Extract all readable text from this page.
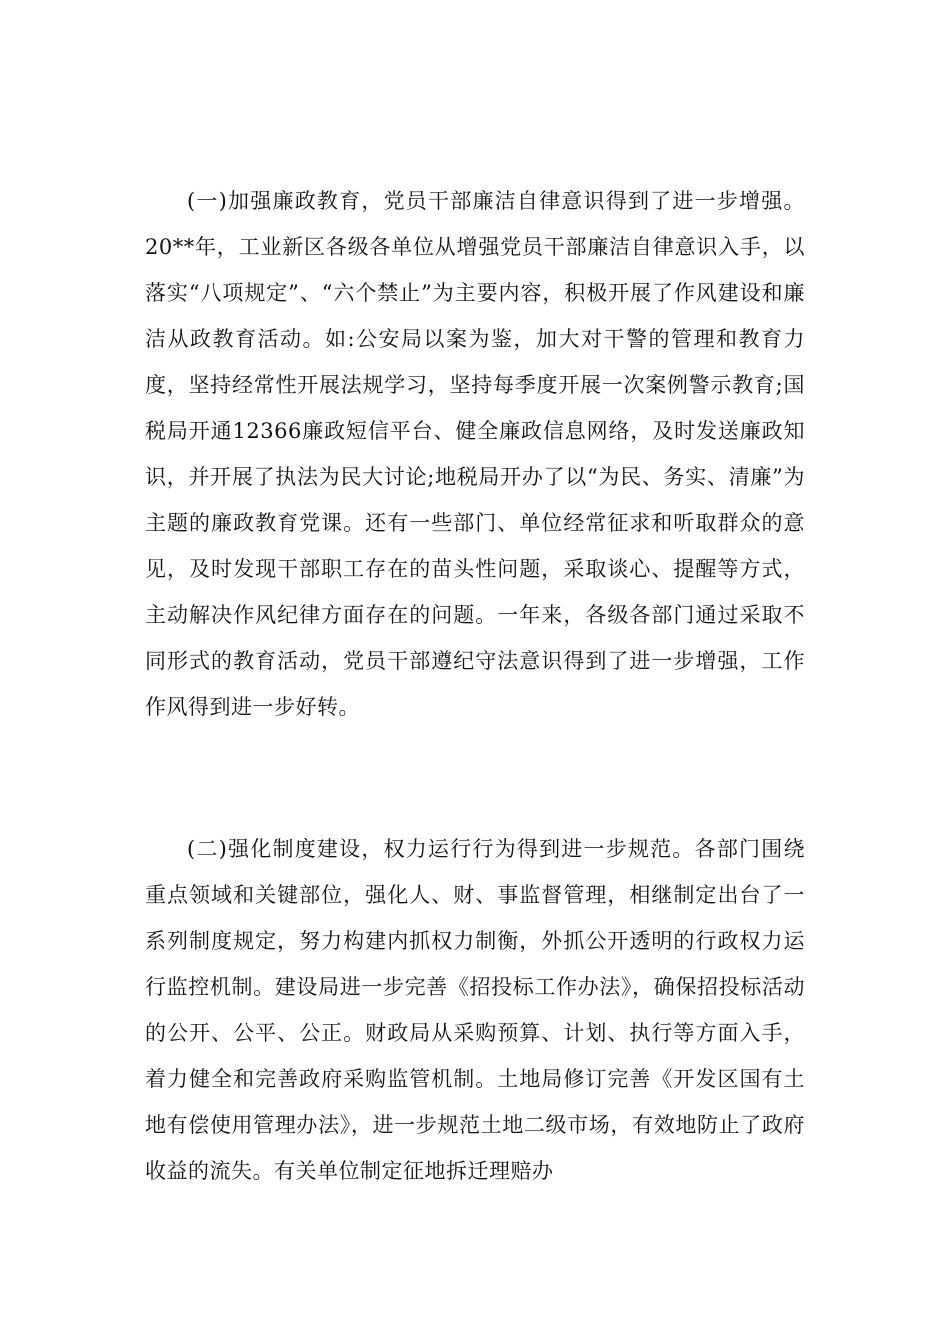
(一)加强廉政教育，党员干部廉洁自律意识得到了进一步增强。20**年，工业新区各级各单位从增强党员干部廉洁自律意识入手，以落实“八项规定”、“六个禁止”为主要内容，积极开展了作风建设和廉洁从政教育活动。如:公安局以案为鉴，加大对干警的管理和教育力度，坚持经常性开展法规学习，坚持每季度开展一次案例警示教育;国税局开通12366廉政短信平台、健全廉政信息网络，及时发送廉政知识，并开展了执法为民大讨论;地税局开办了以“为民、务实、清廉”为主题的廉政教育党课。还有一些部门、单位经常征求和听取群众的意见，及时发现干部职工存在的苗头性问题，采取谈心、提醒等方式，主动解决作风纪律方面存在的问题。一年来，各级各部门通过采取不同形式的教育活动，党员干部遵纪守法意识得到了进一步增强，工作作风得到进一步好转。

(二)强化制度建设，权力运行行为得到进一步规范。各部门围绕重点领域和关键部位，强化人、财、事监督管理，相继制定出台了一系列制度规定，努力构建内抓权力制衡，外抓公开透明的行政权力运行监控机制。建设局进一步完善《招投标工作办法》，确保招投标活动的公开、公平、公正。财政局从采购预算、计划、执行等方面入手，着力健全和完善政府采购监管机制。土地局修订完善《开发区国有土地有偿使用管理办法》，进一步规范土地二级市场，有效地防止了政府收益的流失。有关单位制定征地拆迁理赔办
